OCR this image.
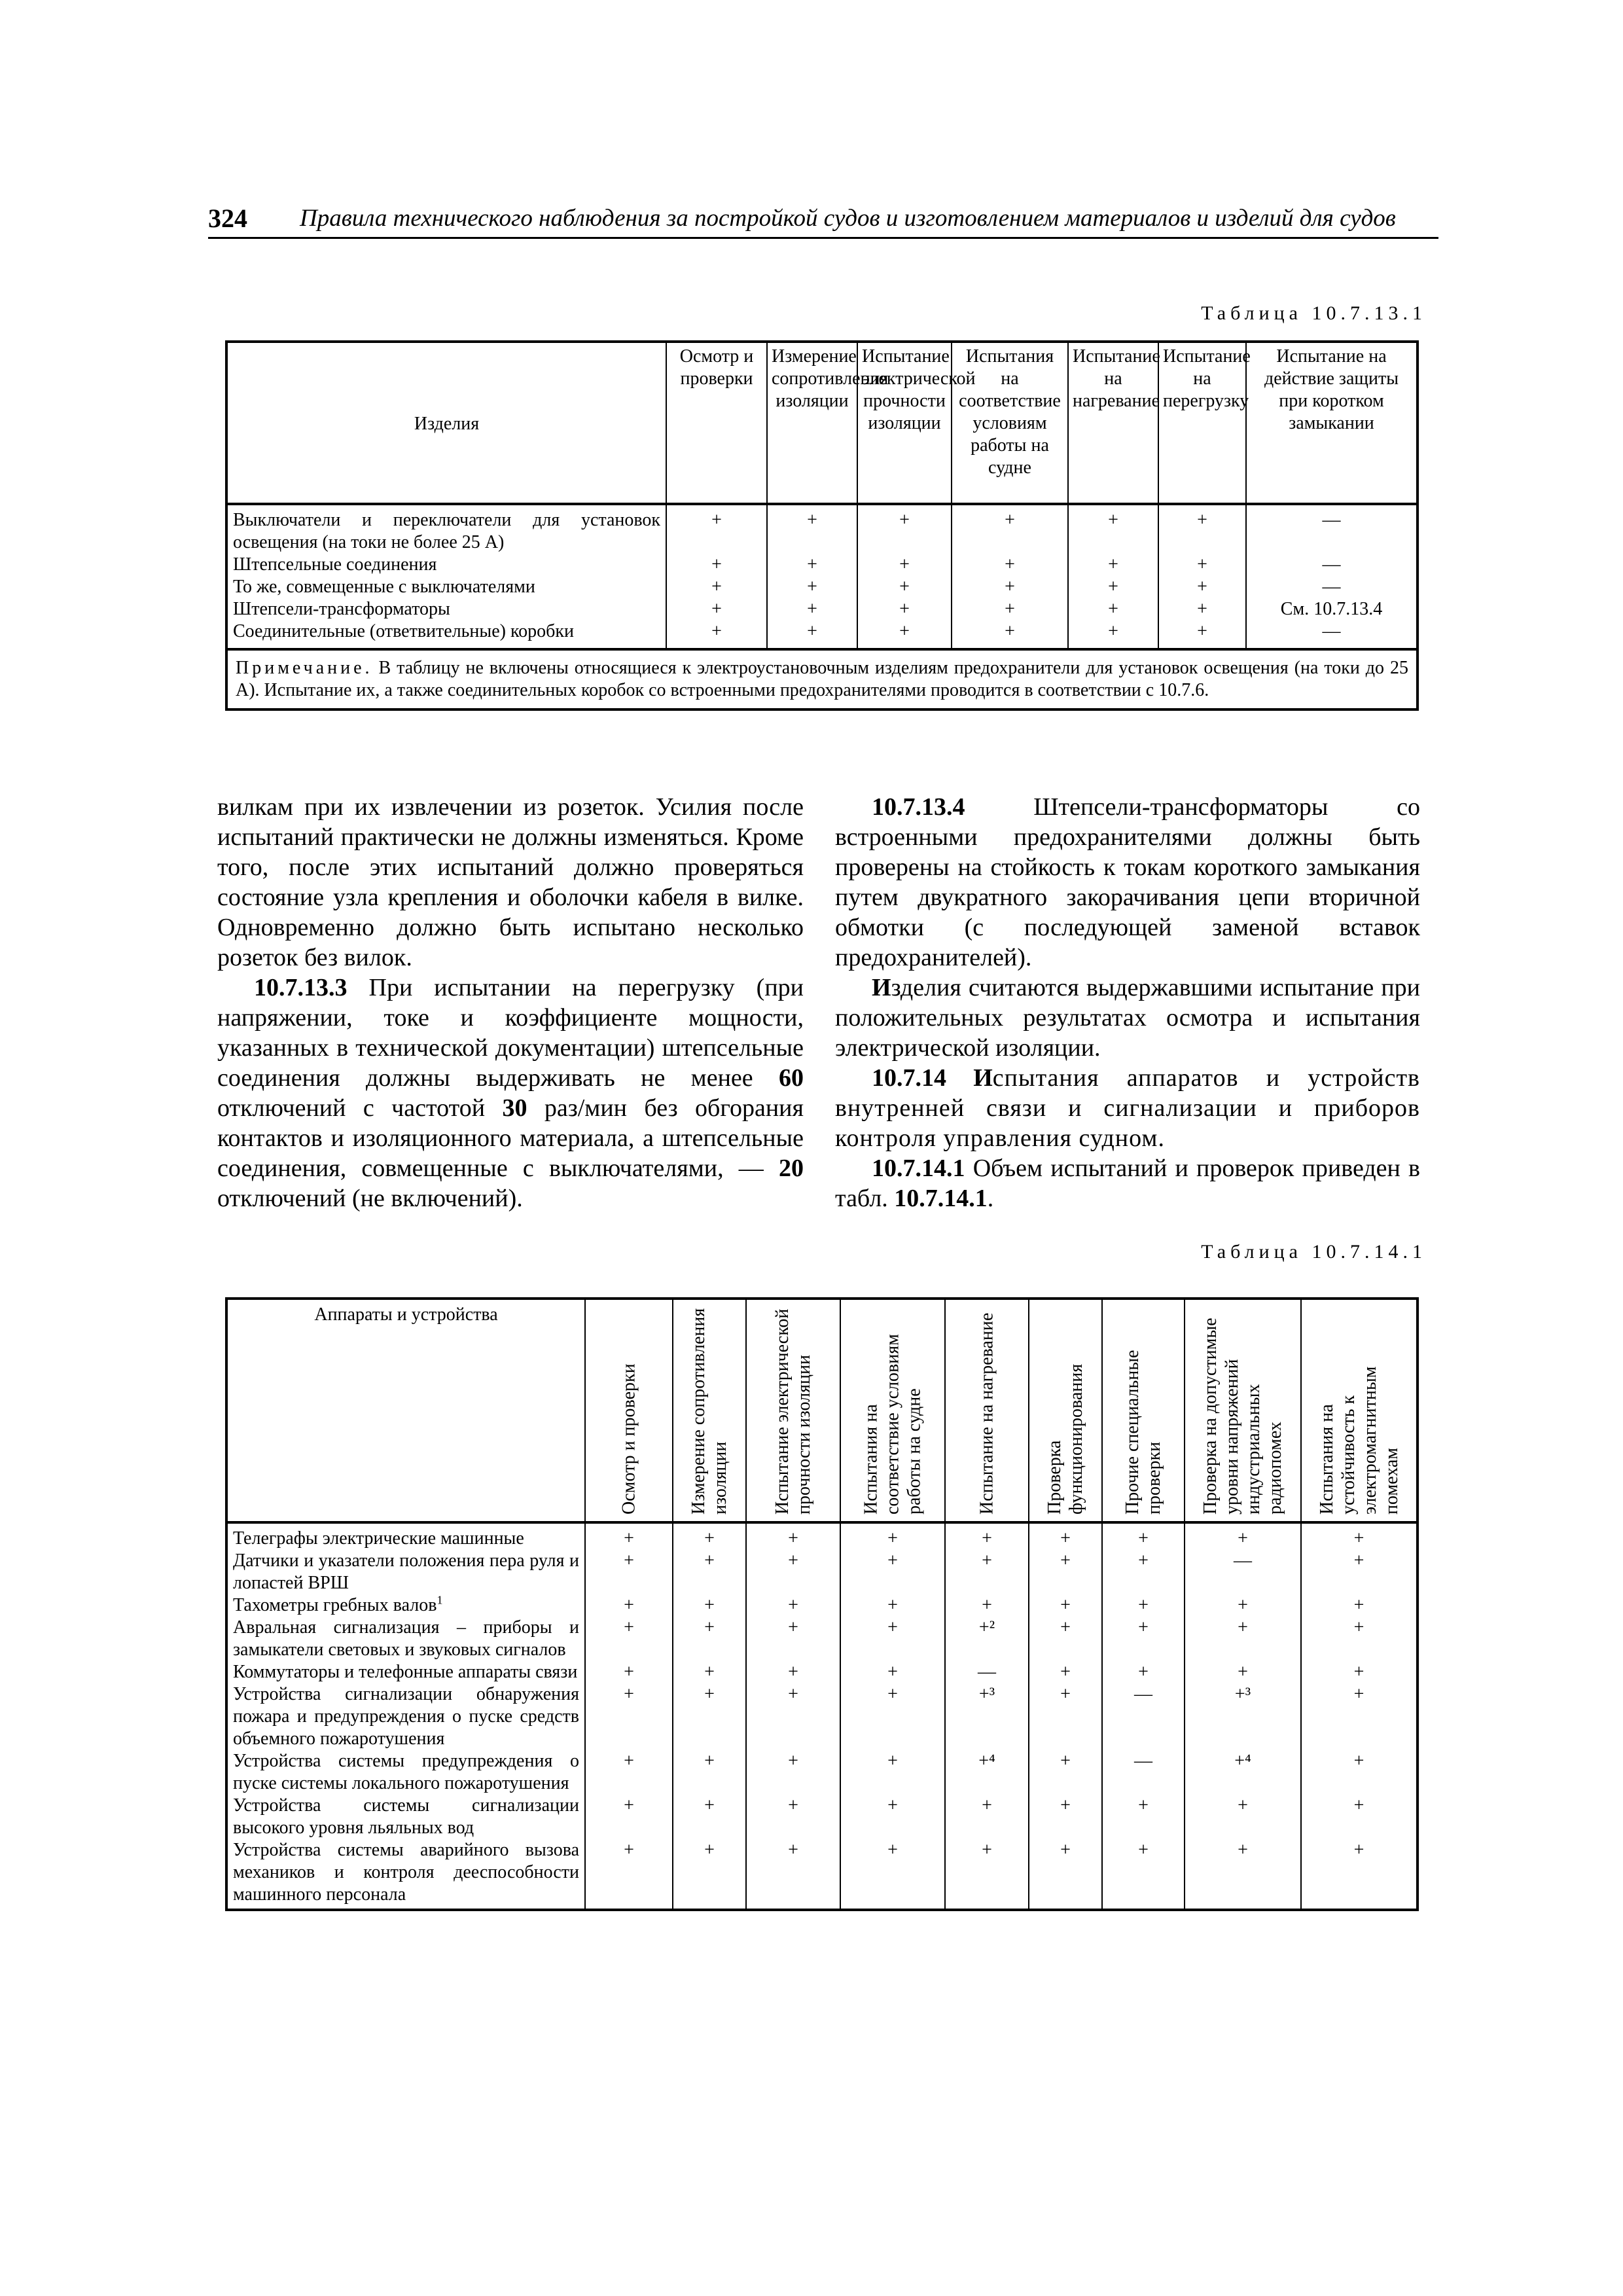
324 Правила технического наблюдения за постройкой судов и изготовлением материалов и изделий для судов
Таблица 10.7.13.1
Изделия	Осмотр и проверки	Измерение сопротивления изоляции	Испытание электрической прочности изоляции	Испытания на соответствие условиям работы на судне	Испытание на нагревание	Испытание на перегрузку	Испытание на действие защиты при коротком замыкании

Выключатели и переключатели для установок освещения (на токи не более 25 А)	+	+	+	+	+	+	—
Штепсельные соединения	+	+	+	+	+	+	—
То же, совмещенные с выключателями	+	+	+	+	+	+	—
Штепсели-трансформаторы	+	+	+	+	+	+	См. 10.7.13.4
Соединительные (ответвительные) коробки	+	+	+	+	+	+	—
Примечание. В таблицу не включены относящиеся к электроустановочным изделиям предохранители для установок освещения (на токи до 25 А). Испытание их, а также соединительных коробок со встроенными предохранителями проводится в соответствии с 10.7.6.							

вилкам при их извлечении из розеток. Усилия после испытаний практически не должны изменяться. Кроме того, после этих испытаний должно проверяться состояние узла крепления и оболочки кабеля в вилке. Одновременно должно быть испытано несколько розеток без вилок.

10.7.13.3 При испытании на перегрузку (при напряжении, токе и коэффициенте мощности, указанных в технической документации) штепсельные соединения должны выдерживать не менее 60 отключений с частотой 30 раз/мин без обгорания контактов и изоляционного материала, а штепсельные соединения, совмещенные с выключателями, — 20 отключений (не включений).

10.7.13.4 Штепсели-трансформаторы со встроенными предохранителями должны быть проверены на стойкость к токам короткого замыкания путем двукратного закорачивания цепи вторичной обмотки (с последующей заменой вставок предохранителей).

Изделия считаются выдержавшими испытание при положительных результатах осмотра и испытания электрической изоляции.

10.7.14 Испытания аппаратов и устройств внутренней связи и сигнализации и приборов контроля управления судном.

10.7.14.1 Объем испытаний и проверок приведен в табл. 10.7.14.1.

Таблица 10.7.14.1
Аппараты и устройства	Осмотр и проверки	Измерение сопротивления изоляции	Испытание электрической прочности изоляции	Испытания на соответствие условиям работы на судне	Испытание на нагревание	Проверка функционирования	Прочие специальные проверки	Проверка на допустимые уровни напряжений индустриальных радиопомех	Испытания на устойчивость к электромагнитным помехам

Телеграфы электрические машинные	+	+	+	+	+	+	+	+	+
Датчики и указатели положения пера руля и лопастей ВРШ	+	+	+	+	+	+	+	—	+
Тахометры гребных валов$^1$	+	+	+	+	+	+	+	+	+
Авральная сигнализация – приборы и замыкатели световых и звуковых сигналов	+	+	+	+	+²	+	+	+	+
Коммутаторы и телефонные аппараты связи	+	+	+	+	—	+	+	+	+
Устройства сигнализации обнаружения пожара и предупреждения о пуске средств объемного пожаротушения	+	+	+	+	+³	+	—	+³	+
Устройства системы предупреждения о пуске системы локального пожаротушения	+	+	+	+	+⁴	+	—	+⁴	+
Устройства системы сигнализации высокого уровня льяльных вод	+	+	+	+	+	+	+	+	+
Устройства системы аварийного вызова механиков и контроля дееспособности машинного персонала	+	+	+	+	+	+	+	+	+
